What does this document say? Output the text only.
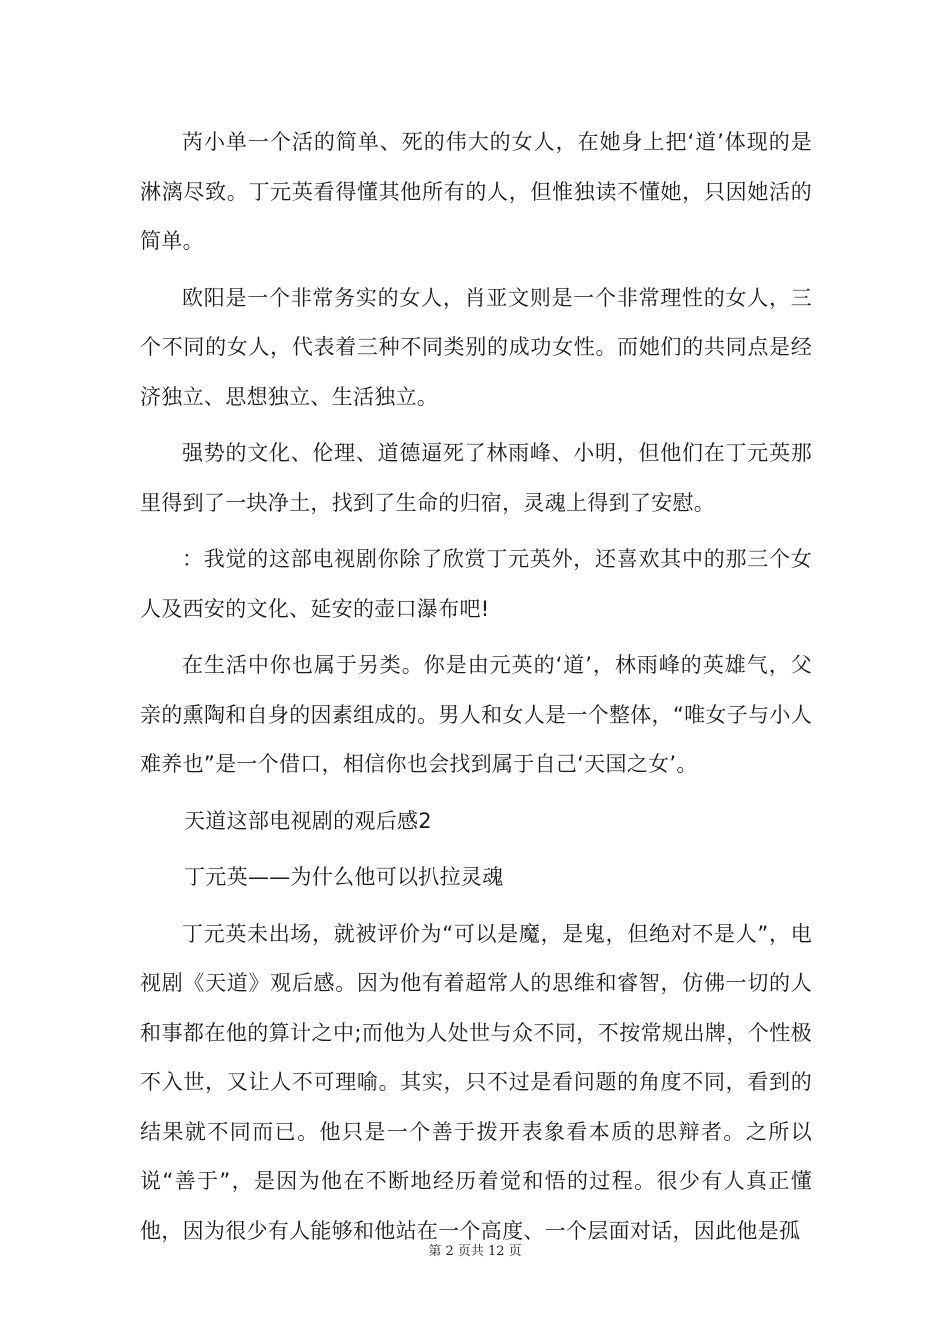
芮小单一个活的简单、死的伟大的女人，在她身上把‘道’体现的是淋漓尽致。丁元英看得懂其他所有的人，但惟独读不懂她，只因她活的简单。

欧阳是一个非常务实的女人，肖亚文则是一个非常理性的女人，三个不同的女人，代表着三种不同类别的成功女性。而她们的共同点是经济独立、思想独立、生活独立。

强势的文化、伦理、道德逼死了林雨峰、小明，但他们在丁元英那里得到了一块净土，找到了生命的归宿，灵魂上得到了安慰。

：我觉的这部电视剧你除了欣赏丁元英外，还喜欢其中的那三个女人及西安的文化、延安的壶口瀑布吧!

在生活中你也属于另类。你是由元英的‘道’，林雨峰的英雄气，父亲的熏陶和自身的因素组成的。男人和女人是一个整体，“唯女子与小人难养也”是一个借口，相信你也会找到属于自己‘天国之女’。

天道这部电视剧的观后感2

丁元英——为什么他可以扒拉灵魂

丁元英未出场，就被评价为“可以是魔，是鬼，但绝对不是人”，电视剧《天道》观后感。因为他有着超常人的思维和睿智，仿佛一切的人和事都在他的算计之中;而他为人处世与众不同，不按常规出牌，个性极不入世，又让人不可理喻。其实，只不过是看问题的角度不同，看到的结果就不同而已。他只是一个善于拨开表象看本质的思辩者。之所以说“善于”，是因为他在不断地经历着觉和悟的过程。很少有人真正懂他，因为很少有人能够和他站在一个高度、一个层面对话，因此他是孤

第 2 页共 12 页
